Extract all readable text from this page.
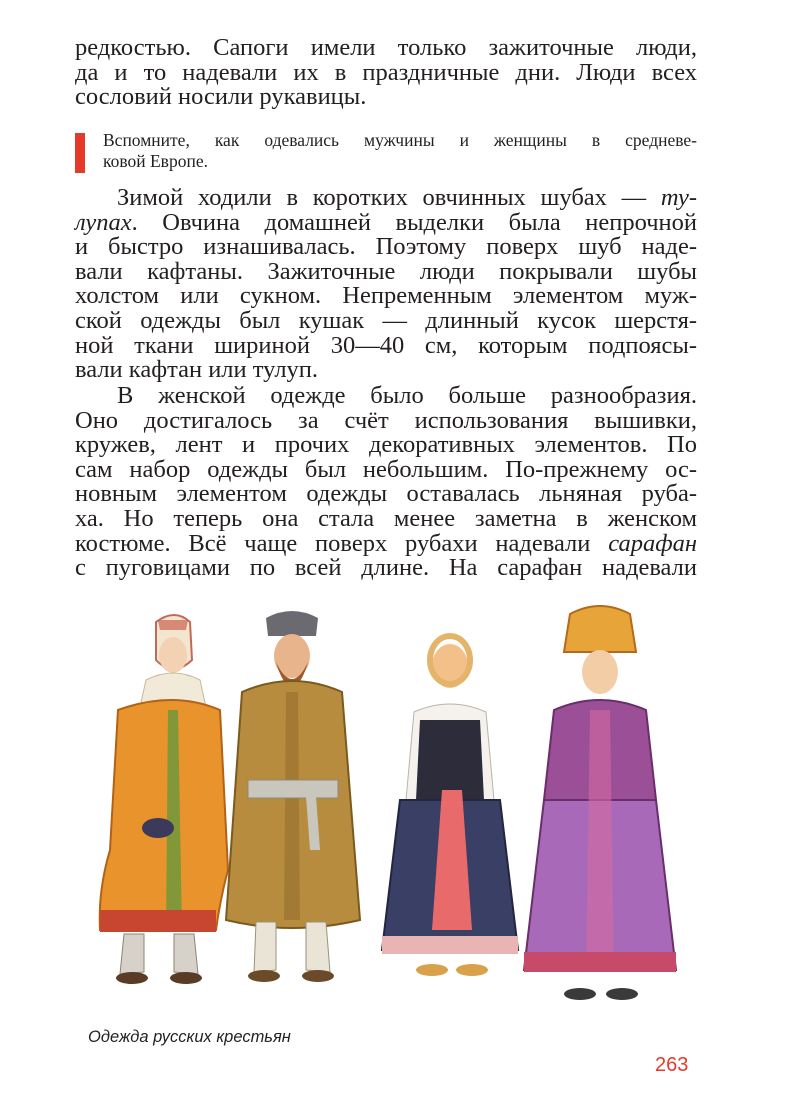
редкостью. Сапоги имели только зажиточные люди,
да и то надевали их в праздничные дни. Люди всех
сословий носили рукавицы.
Вспомните, как одевались мужчины и женщины в средневе-
ковой Европе.
Зимой ходили в коротких овчинных шубах — ту-
лупах. Овчина домашней выделки была непрочной
и быстро изнашивалась. Поэтому поверх шуб наде-
вали кафтаны. Зажиточные люди покрывали шубы
холстом или сукном. Непременным элементом муж-
ской одежды был кушак — длинный кусок шерстя-
ной ткани шириной 30—40 см, которым подпоясы-
вали кафтан или тулуп.
В женской одежде было больше разнообразия.
Оно достигалось за счёт использования вышивки,
кружев, лент и прочих декоративных элементов. По
сам набор одежды был небольшим. По-прежнему ос-
новным элементом одежды оставалась льняная руба-
ха. Но теперь она стала менее заметна в женском
костюме. Всё чаще поверх рубахи надевали сарафан
с пуговицами по всей длине. На сарафан надевали
Одежда русских крестьян
263
